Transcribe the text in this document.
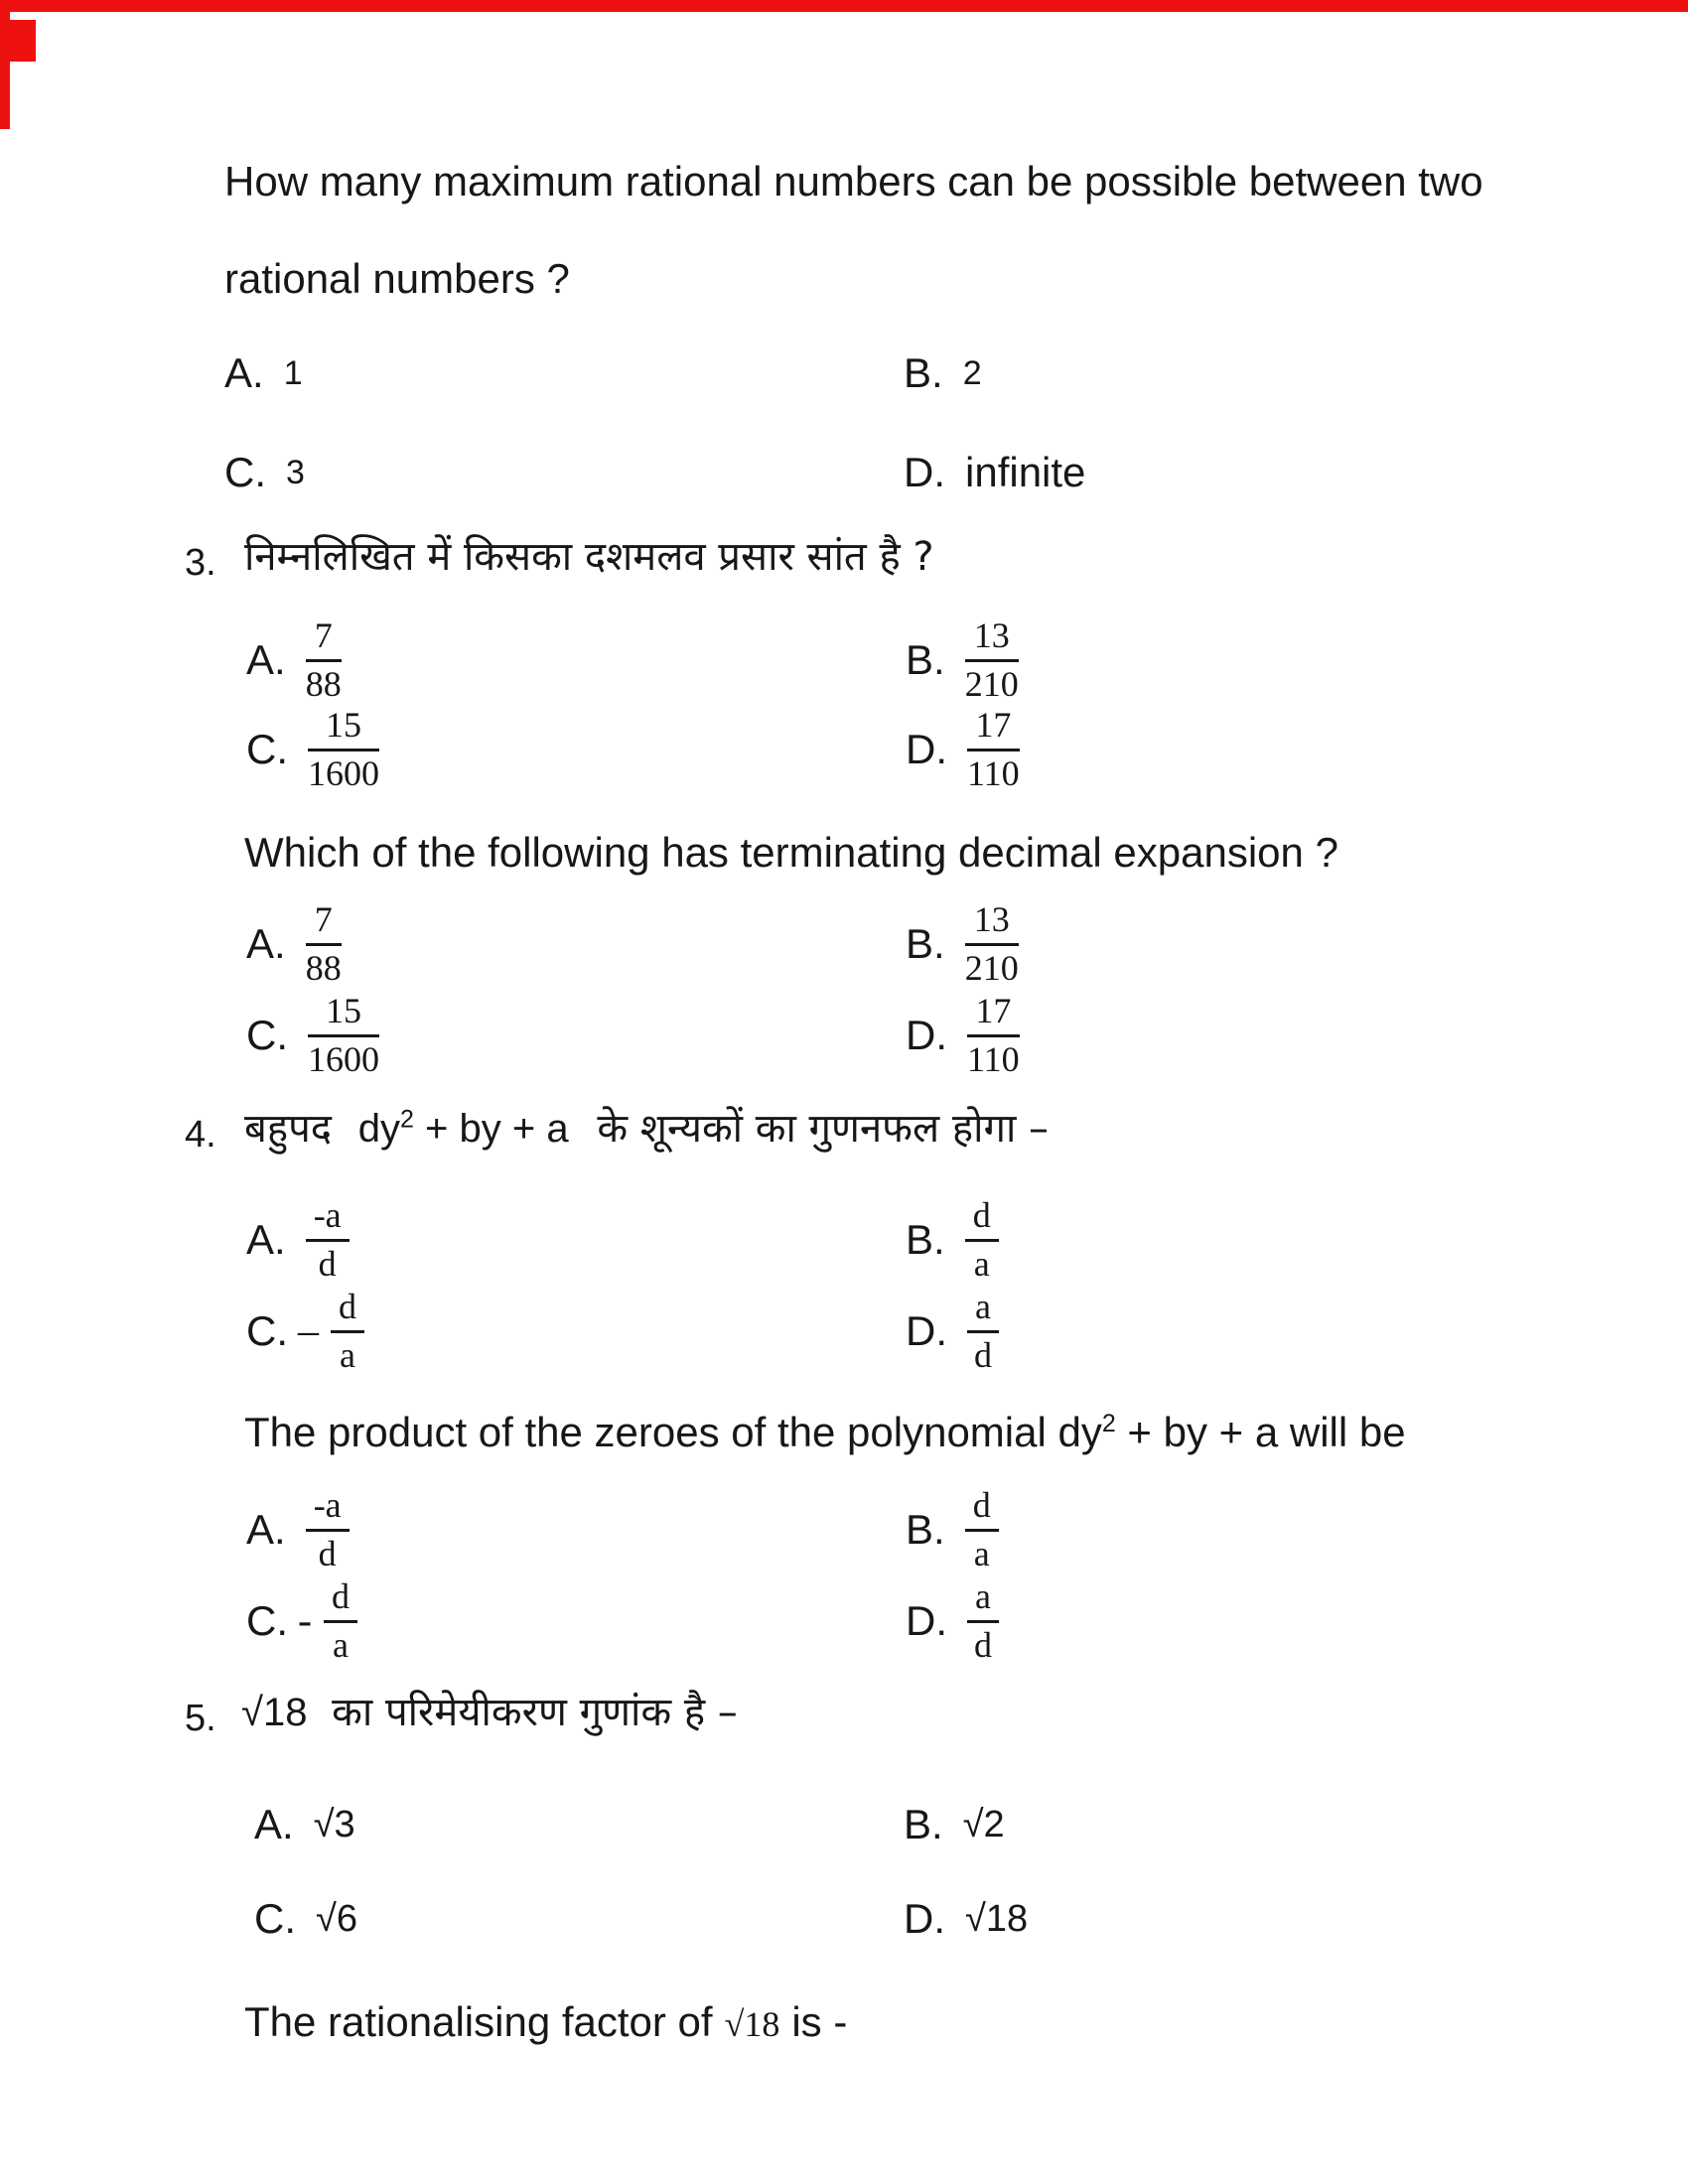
How many maximum rational numbers can be possible between two
rational numbers ?
A. 1	B. 2
C. 3	D. infinite
3. निम्नलिखित में किसका दशमलव प्रसार सांत है ?
A. $\frac{7}{88}$	B. $\frac{13}{210}$
C. $\frac{15}{1600}$	D. $\frac{17}{110}$
Which of the following has terminating decimal expansion ?
A. $\frac{7}{88}$	B. $\frac{13}{210}$
C. $\frac{15}{1600}$	D. $\frac{17}{110}$
4. बहुपद $dy^2$ + by + a के शून्यकों का गुणनफल होगा –
A. $\frac{-a}{d}$	B. $\frac{d}{a}$
C. – $\frac{d}{a}$	D. $\frac{a}{d}$
The product of the zeroes of the polynomial $dy^2$ + by + a will be
A. $\frac{-a}{d}$	B. $\frac{d}{a}$
C. - $\frac{d}{a}$	D. $\frac{a}{d}$
5. √18 का परिमेयीकरण गुणांक है –
A. √3	B. √2
C. √6	D. √18
The rationalising factor of √18 is -
